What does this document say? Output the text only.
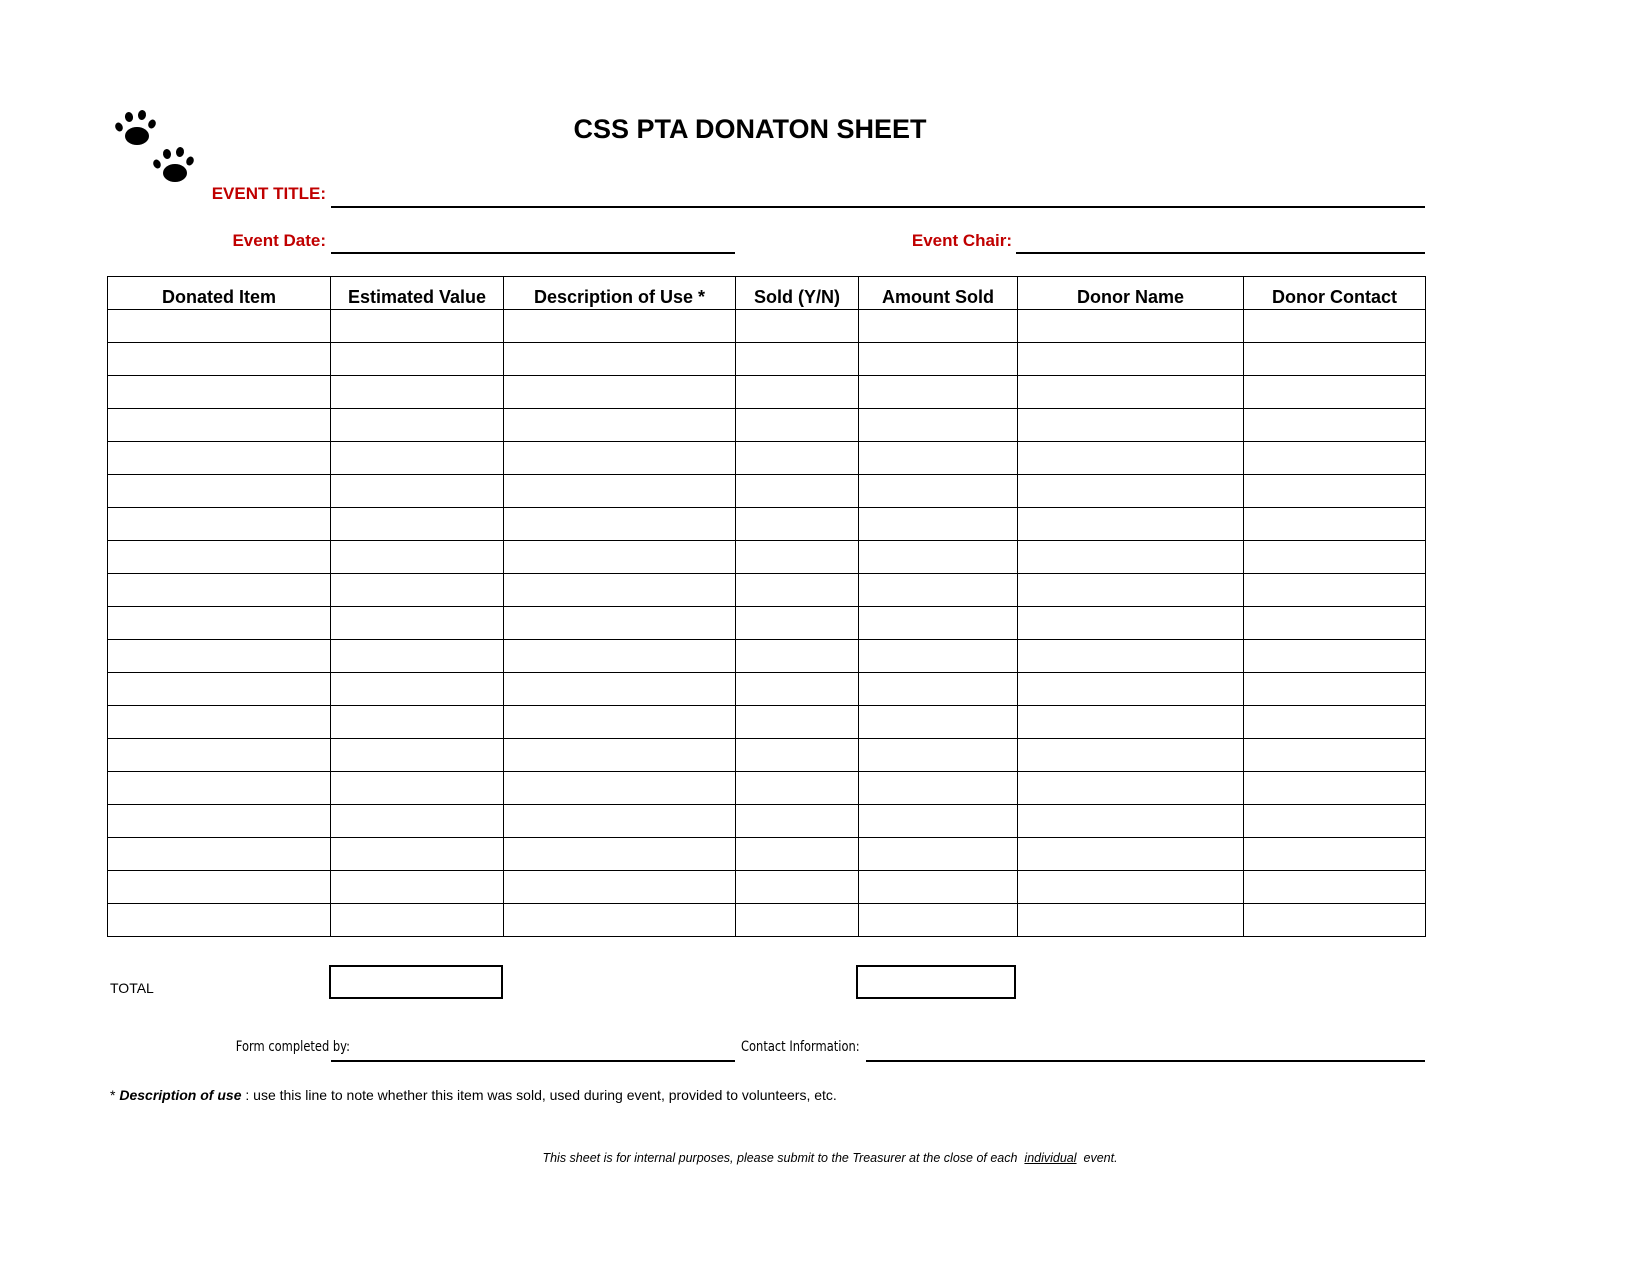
CSS PTA DONATON SHEET
EVENT TITLE:
Event Date:	Event Chair:
Donated Item	Estimated Value	Description of Use *	Sold (Y/N)	Amount Sold	Donor Name	Donor Contact

TOTAL
Form completed by:	Contact Information:
* Description of use : use this line to note whether this item was sold, used during event, provided to volunteers, etc.
This sheet is for internal purposes, please submit to the Treasurer at the close of each  individual  event.
